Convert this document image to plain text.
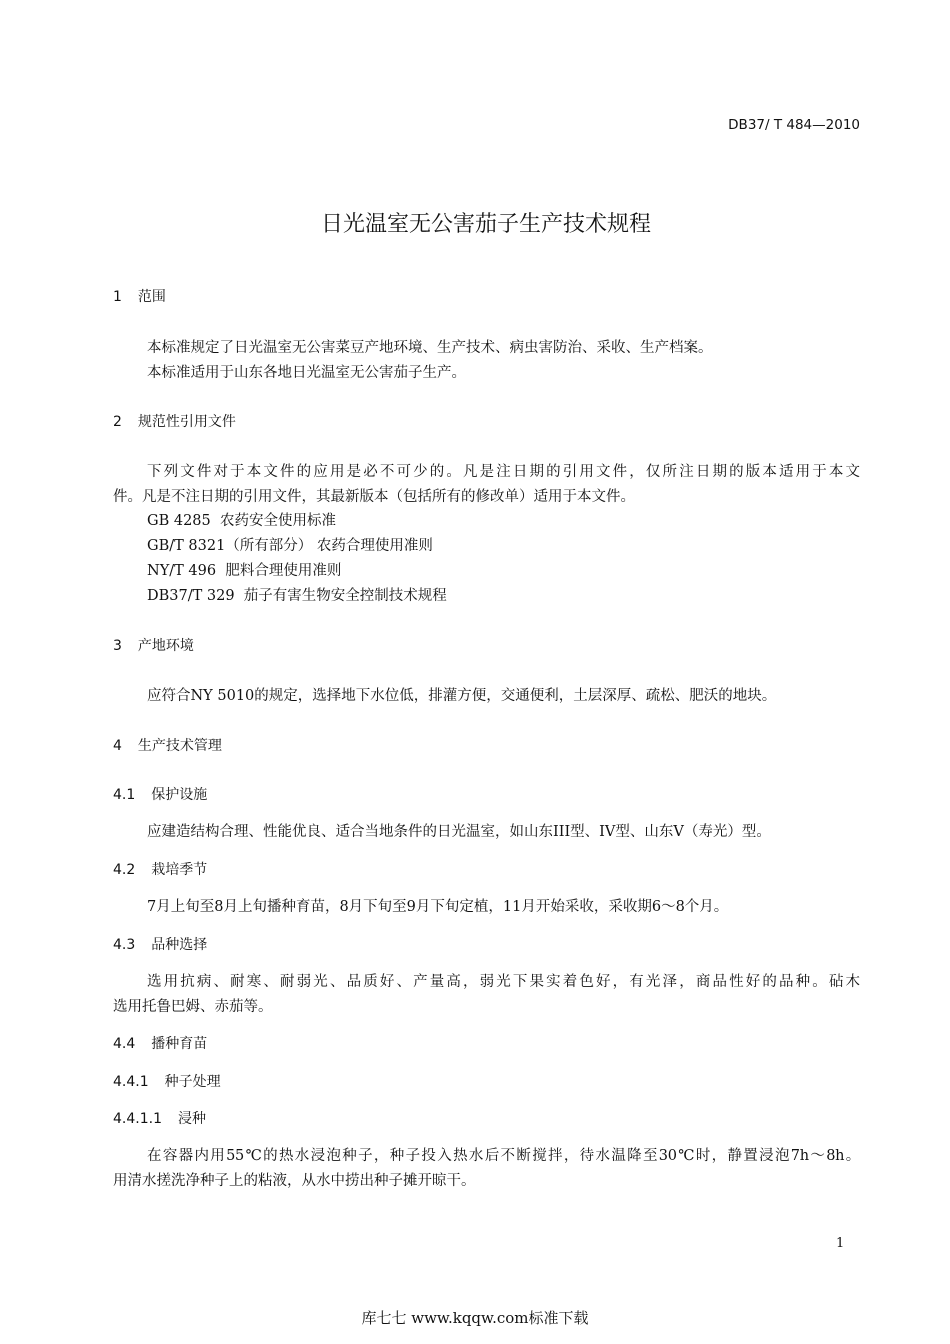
DB37/ T 484—2010
日光温室无公害茄子生产技术规程
1 范围
本标准规定了日光温室无公害菜豆产地环境、生产技术、病虫害防治、采收、生产档案。
本标准适用于山东各地日光温室无公害茄子生产。
2 规范性引用文件
下列文件对于本文件的应用是必不可少的。凡是注日期的引用文件，仅所注日期的版本适用于本文
件。凡是不注日期的引用文件，其最新版本（包括所有的修改单）适用于本文件。
GB 4285  农药安全使用标准
GB/T 8321（所有部分） 农药合理使用准则
NY/T 496  肥料合理使用准则
DB37/T 329  茄子有害生物安全控制技术规程
3 产地环境
应符合NY 5010的规定，选择地下水位低，排灌方便，交通便利，土层深厚、疏松、肥沃的地块。
4 生产技术管理
4.1 保护设施
应建造结构合理、性能优良、适合当地条件的日光温室，如山东III型、IV型、山东V（寿光）型。
4.2 栽培季节
7月上旬至8月上旬播种育苗，8月下旬至9月下旬定植，11月开始采收，采收期6～8个月。
4.3 品种选择
选用抗病、耐寒、耐弱光、品质好、产量高，弱光下果实着色好，有光泽，商品性好的品种。砧木
选用托鲁巴姆、赤茄等。
4.4 播种育苗
4.4.1 种子处理
4.4.1.1 浸种
在容器内用55℃的热水浸泡种子，种子投入热水后不断搅拌，待水温降至30℃时，静置浸泡7h～8h。
用清水搓洗净种子上的粘液，从水中捞出种子摊开晾干。
1
库七七 www.kqqw.com标准下载
